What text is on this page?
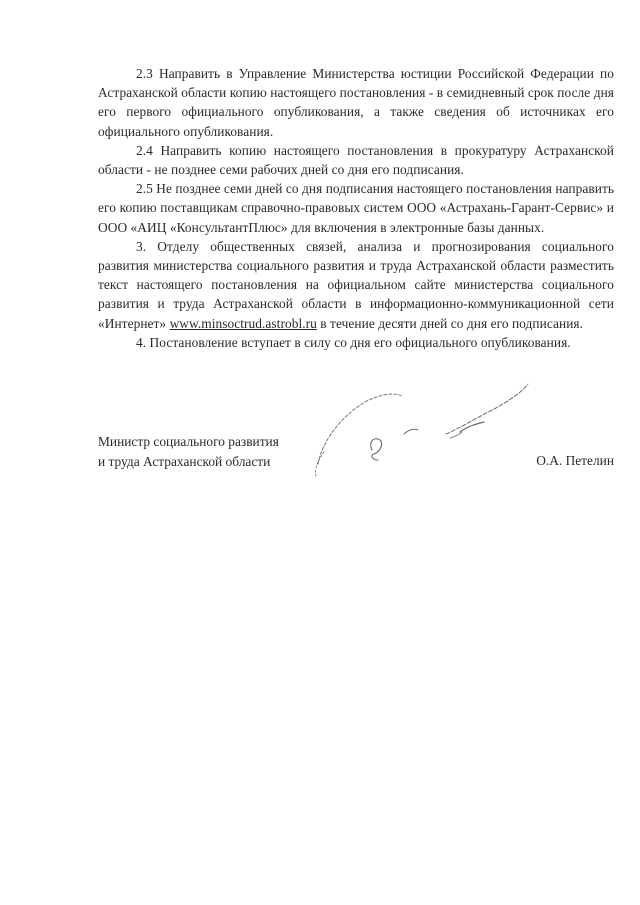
2.3 Направить в Управление Министерства юстиции Российской Федерации по Астраханской области копию настоящего постановления - в семидневный срок после дня его первого официального опубликования, а также сведения об источниках его официального опубликования.

2.4 Направить копию настоящего постановления в прокуратуру Астраханской области - не позднее семи рабочих дней со дня его подписания.

2.5 Не позднее семи дней со дня подписания настоящего постановления направить его копию поставщикам справочно-правовых систем ООО «Астрахань-Гарант-Сервис» и ООО «АИЦ «КонсультантПлюс» для включения в электронные базы данных.

3. Отделу общественных связей, анализа и прогнозирования социального развития министерства социального развития и труда Астраханской области разместить текст настоящего постановления на официальном сайте министерства социального развития и труда Астраханской области в информационно-коммуникационной сети «Интернет» www.minsoctrud.astrobl.ru в течение десяти дней со дня его подписания.

4. Постановление вступает в силу со дня его официального опубликования.

Министр социального развития
и труда Астраханской области	О.А. Петелин
